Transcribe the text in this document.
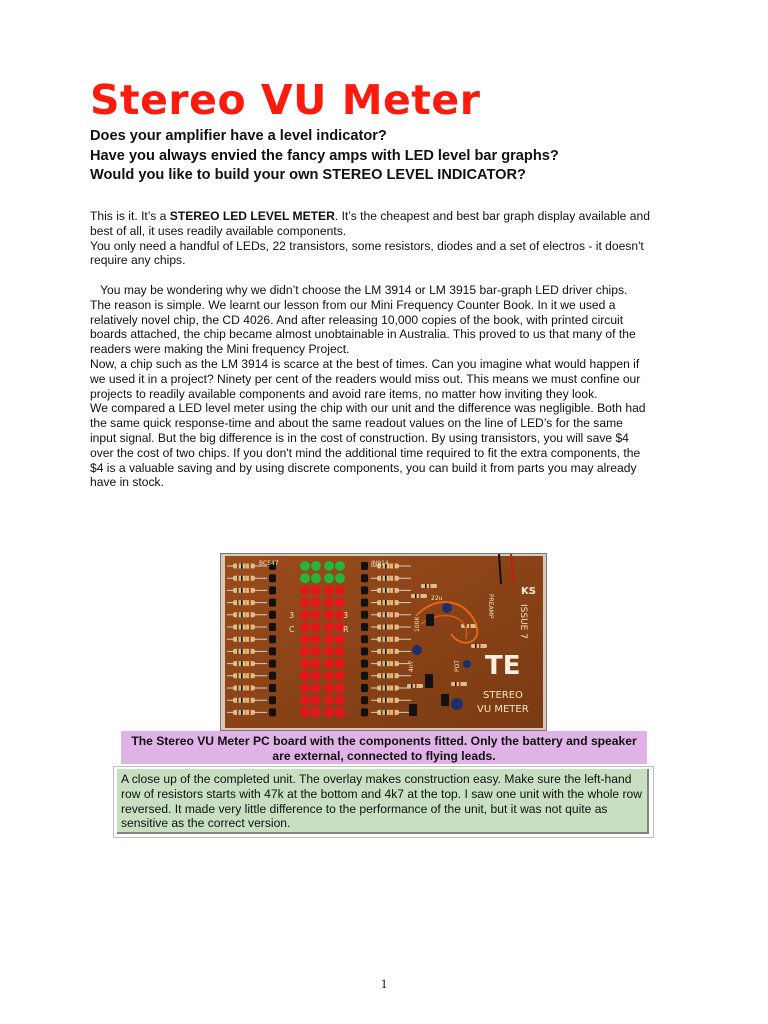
Stereo VU Meter
Does your amplifier have a level indicator?
Have you always envied the fancy amps with LED level bar graphs?
Would you like to build your own STEREO LEVEL INDICATOR?

This is it. It’s a STEREO LED LEVEL METER. It’s the cheapest and best bar graph display available and best of all, it uses readily available components.

You only need a handful of LEDs, 22 transistors, some resistors, diodes and a set of electros - it doesn't require any chips.

You may be wondering why we didn’t choose the LM 3914 or LM 3915 bar-graph LED driver chips. The reason is simple. We learnt our lesson from our Mini Frequency Counter Book. In it we used a relatively novel chip, the CD 4026. And after releasing 10,000 copies of the book, with printed circuit boards attached, the chip became almost unobtainable in Australia. This proved to us that many of the readers were making the Mini frequency Project.

Now, a chip such as the LM 3914 is scarce at the best of times. Can you imagine what would happen if we used it in a project? Ninety per cent of the readers would miss out. This means we must confine our projects to readily available components and avoid rare items, no matter how inviting they look.

We compared a LED level meter using the chip with our unit and the difference was negligible. Both had the same quick response-time and about the same readout values on the line of LED’s for the same input signal. But the big difference is in the cost of construction. By using transistors, you will save $4 over the cost of two chips. If you don't mind the additional time required to fit the extra components, the $4 is a valuable saving and by using discrete components, you can build it from parts you may already have in stock.

BC547	IN914
KS
TE
STEREO
VU METER
ISSUE 7
PREAMP
22u
100K
4n7	POT
3
C
3
R
The Stereo VU Meter PC board with the components fitted. Only the battery and speaker are external, connected to flying leads.
A close up of the completed unit. The overlay makes construction easy. Make sure the left-hand row of resistors starts with 47k at the bottom and 4k7 at the top. I saw one unit with the whole row reversed. It made very little difference to the performance of the unit, but it was not quite as sensitive as the correct version.
1
